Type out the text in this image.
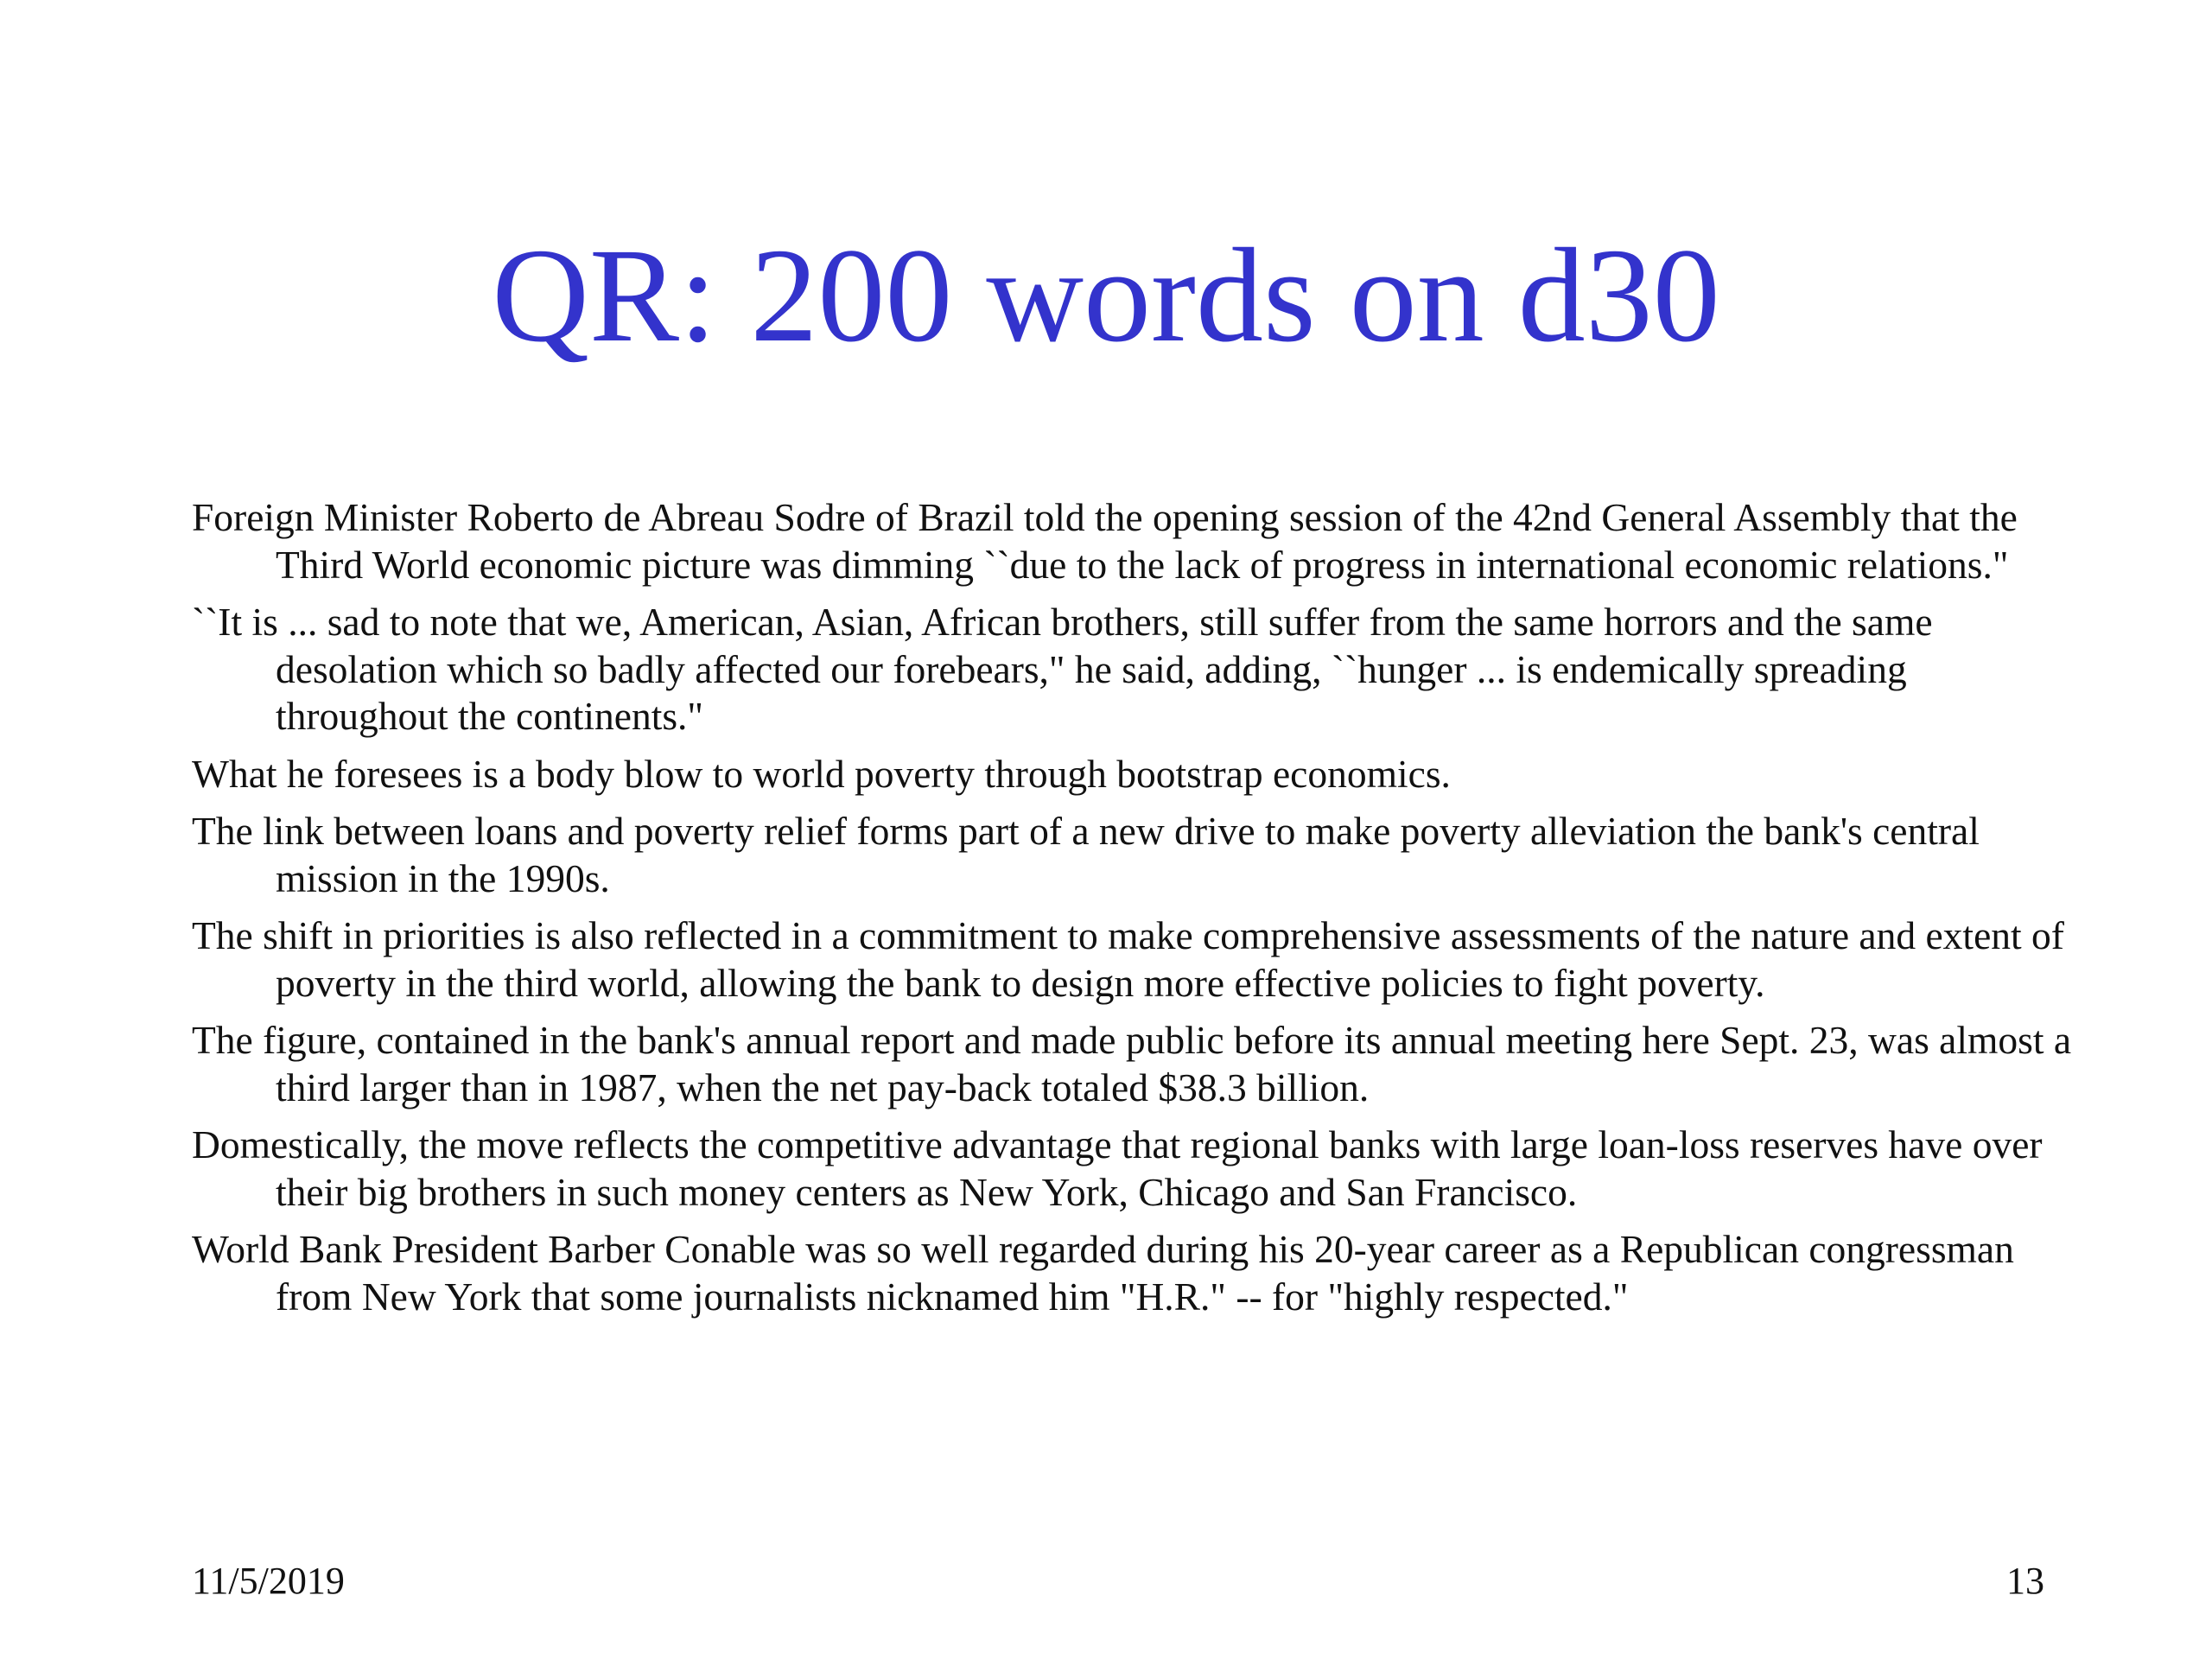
QR: 200 words on d30
Foreign Minister Roberto de Abreau Sodre of Brazil told the opening session of the 42nd General Assembly that the Third World economic picture was dimming ``due to the lack of progress in international economic relations."
``It is ... sad to note that we, American, Asian, African brothers, still suffer from the same horrors and the same desolation which so badly affected our forebears," he said, adding, ``hunger ... is endemically spreading throughout the continents."
What he foresees is a body blow to world poverty through bootstrap economics.
The link between loans and poverty relief forms part of a new drive to make poverty alleviation the bank's central mission in the 1990s.
The shift in priorities is also reflected in a commitment to make comprehensive assessments of the nature and extent of poverty in the third world, allowing the bank to design more effective policies to fight poverty.
The figure, contained in the bank's annual report and made public before its annual meeting here Sept. 23, was almost a third larger than in 1987, when the net pay-back totaled $38.3 billion.
Domestically, the move reflects the competitive advantage that regional banks with large loan-loss reserves have over their big brothers in such money centers as New York, Chicago and San Francisco.
World Bank President Barber Conable was so well regarded during his 20-year career as a Republican congressman from New York that some journalists nicknamed him "H.R." -- for "highly respected."
11/5/2019	13
